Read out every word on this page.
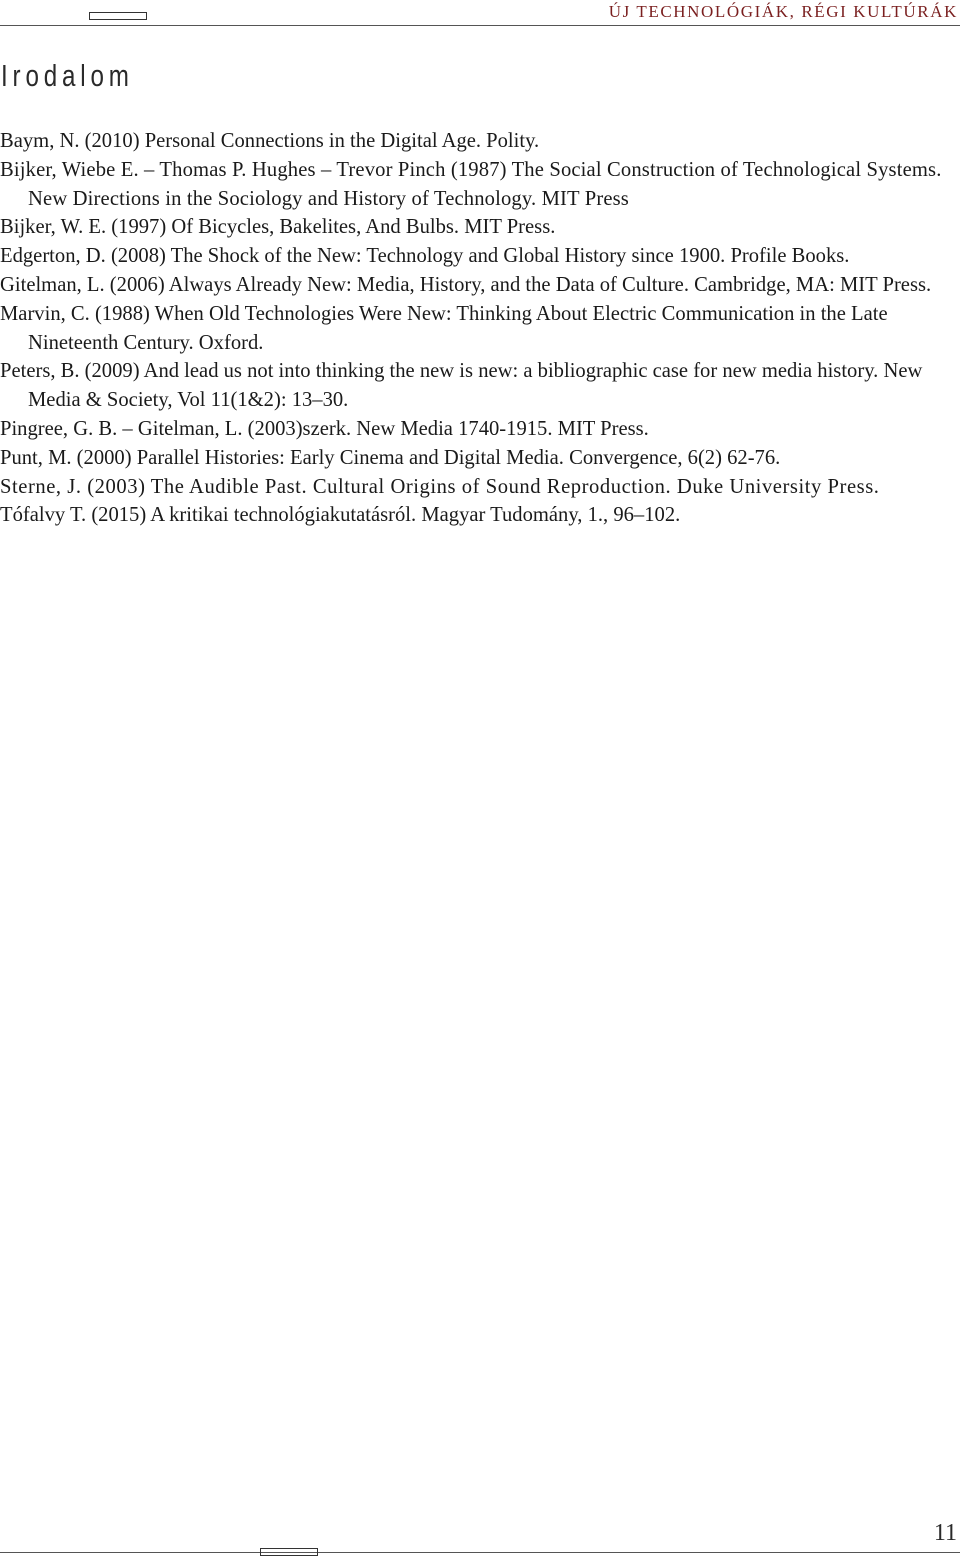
ÚJ TECHNOLÓGIÁK, RÉGI KULTÚRÁK
Irodalom
Baym, N. (2010) Personal Connections in the Digital Age. Polity.
Bijker, Wiebe E. – Thomas P. Hughes – Trevor Pinch (1987) The Social Construction of Technological Systems. New Directions in the Sociology and History of Technology. MIT Press
Bijker, W. E. (1997) Of Bicycles, Bakelites, And Bulbs. MIT Press.
Edgerton, D. (2008) The Shock of the New: Technology and Global History since 1900. Profile Books.
Gitelman, L. (2006) Always Already New: Media, History, and the Data of Culture. Cambridge, MA: MIT Press.
Marvin, C. (1988) When Old Technologies Were New: Thinking About Electric Communication in the Late Nineteenth Century. Oxford.
Peters, B. (2009) And lead us not into thinking the new is new: a bibliographic case for new media history. New Media & Society, Vol 11(1&2): 13–30.
Pingree, G. B. – Gitelman, L. (2003)szerk. New Media 1740-1915. MIT Press.
Punt, M. (2000) Parallel Histories: Early Cinema and Digital Media. Convergence, 6(2) 62-76.
Sterne, J. (2003) The Audible Past. Cultural Origins of Sound Reproduction. Duke University Press.
Tófalvy T. (2015) A kritikai technológiakutatásról. Magyar Tudomány, 1., 96–102.
11
